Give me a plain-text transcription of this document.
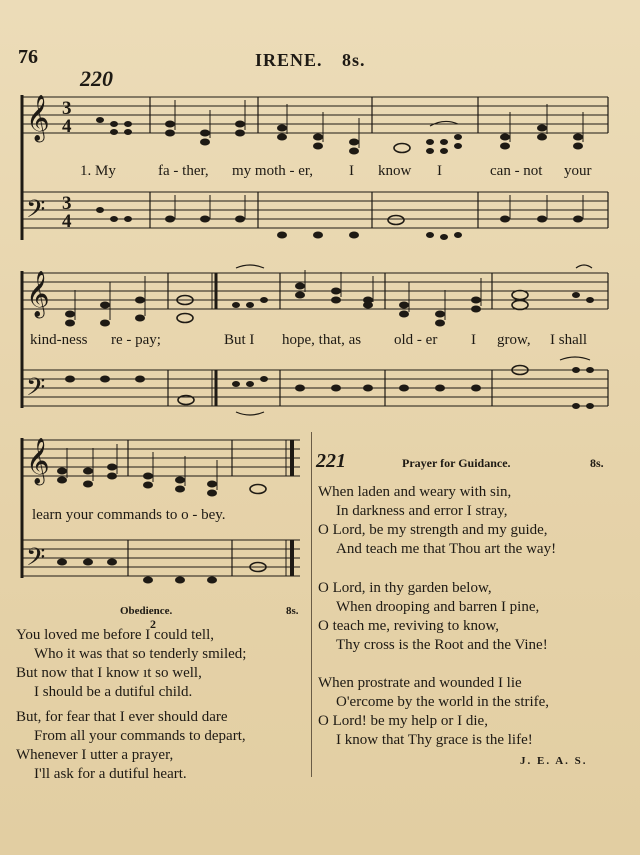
76	IRENE. 8s.
220
𝄞
𝄢
𝄞
𝄢
𝄞
𝄢
3
4
3
4
1. My	fa - ther, my moth - er, I know I	can - not your
kind-ness re - pay;	But I hope, that, as old - er I grow, I shall
learn your commands to o - bey.
Obedience.	8s.
2
You loved me before I could tell,
Who it was that so tenderly smiled;
But now that I know ıt so well,
I should be a dutiful child.
But, for fear that I ever should dare
From all your commands to depart,
Whenever I utter a prayer,
I'll ask for a dutiful heart.
221	Prayer for Guidance.	8s.
When laden and weary with sin,
In darkness and error I stray,
O Lord, be my strength and my guide,
And teach me that Thou art the way!
O Lord, in thy garden below,
When drooping and barren I pine,
O teach me, reviving to know,
Thy cross is the Root and the Vine!
When prostrate and wounded I lie
O'ercome by the world in the strife,
O Lord! be my help or I die,
I know that Thy grace is the life!
J. E. A. S.
